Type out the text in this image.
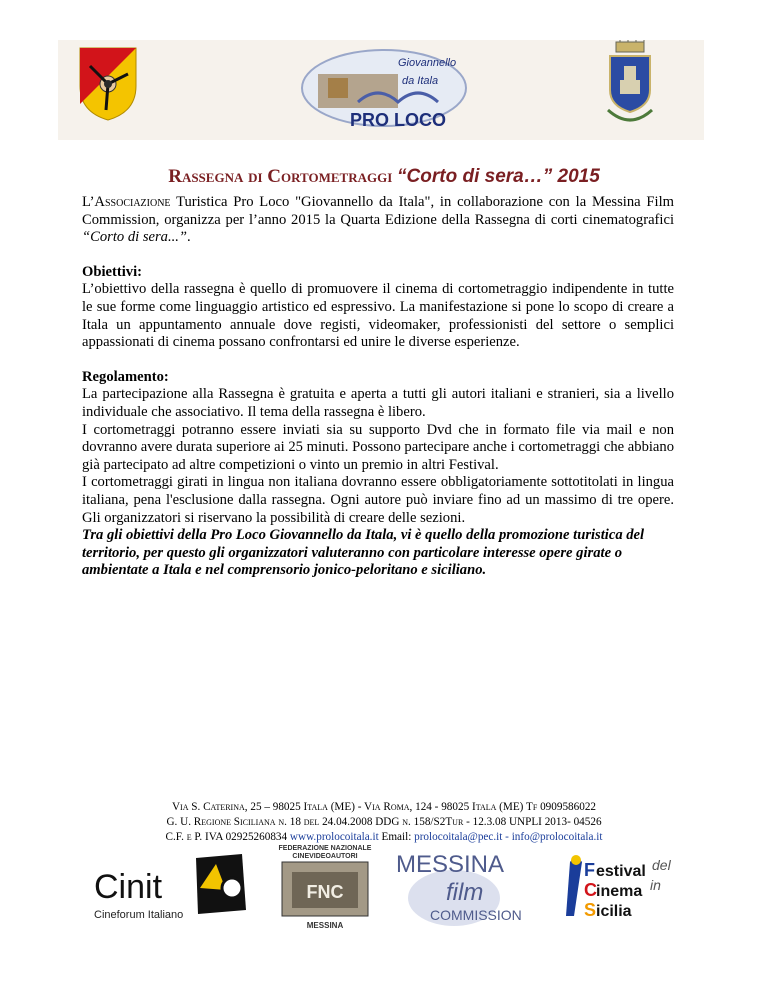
Giovannello
da Itala
PRO LOCO
Rassegna di Cortometraggi “Corto di sera…” 2015

L’Associazione Turistica Pro Loco "Giovannello da Itala", in collaborazione con la Messina Film Commission, organizza per l’anno 2015 la Quarta Edizione della Rassegna di corti cinematografici “Corto di sera...”.

Obiettivi:

L’obiettivo della rassegna è quello di promuovere il cinema di cortometraggio indipendente in tutte le sue forme come linguaggio artistico ed espressivo. La manifestazione si pone lo scopo di creare a Itala un appuntamento annuale dove registi, videomaker, professionisti del settore o semplici appassionati di cinema possano confrontarsi ed unire le diverse esperienze.

Regolamento:
La partecipazione alla Rassegna è gratuita e aperta a tutti gli autori italiani e stranieri, sia a livello individuale che associativo. Il tema della rassegna è libero.
I cortometraggi potranno essere inviati sia su supporto Dvd che in formato file via mail e non dovranno avere durata superiore ai 25 minuti. Possono partecipare anche i cortometraggi che abbiano già partecipato ad altre competizioni o vinto un premio in altri Festival.
I cortometraggi girati in lingua non italiana dovranno essere obbligatoriamente sottotitolati in lingua italiana, pena l'esclusione dalla rassegna. Ogni autore può inviare fino ad un massimo di tre opere. Gli organizzatori si riservano la possibilità di creare delle sezioni.
Tra gli obiettivi della Pro Loco Giovannello da Itala, vi è quello della promozione turistica del territorio, per questo gli organizzatori valuteranno con particolare interesse opere girate o ambientate a Itala e nel comprensorio jonico-peloritano e siciliano.
Via S. Caterina, 25 – 98025 Itala (ME) - Via Roma, 124 - 98025 Itala (ME) Tf 0909586022
G. U. Regione Siciliana n. 18 del 24.04.2008 DDG n. 158/S2Tur - 12.3.08 UNPLI 2013- 04526
C.F. e P. IVA 02925260834 www.prolocoitala.it Email: prolocoitala@pec.it - info@prolocoitala.it
Cinit
Cineforum Italiano
FEDERAZIONE NAZIONALE
CINEVIDEOAUTORI
FNC
MESSINA
MESSINA
film
COMMISSION
F estival del
C inema in
S icilia
